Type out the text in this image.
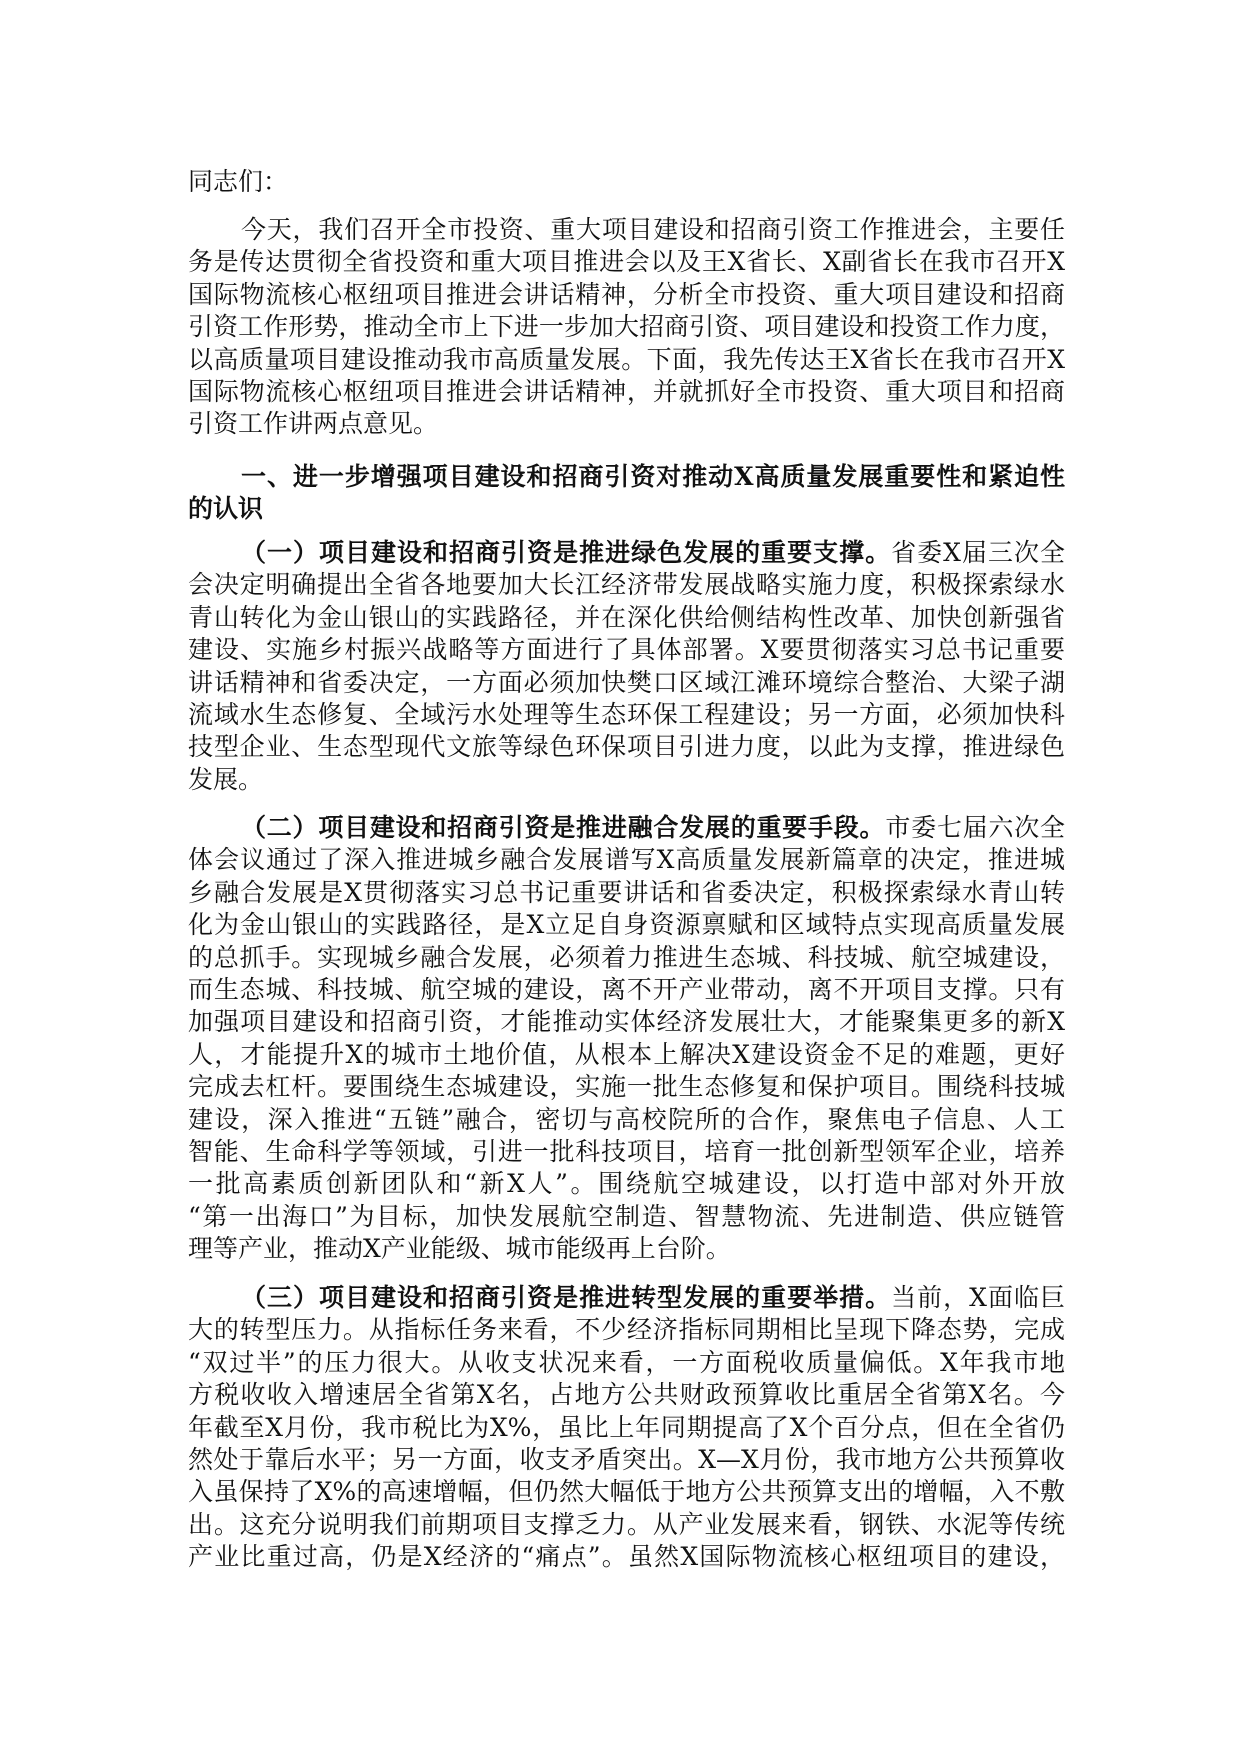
同志们：
今天，我们召开全市投资、重大项目建设和招商引资工作推进会，主要任
务是传达贯彻全省投资和重大项目推进会以及王X省长、X副省长在我市召开X
国际物流核心枢纽项目推进会讲话精神，分析全市投资、重大项目建设和招商
引资工作形势，推动全市上下进一步加大招商引资、项目建设和投资工作力度，
以高质量项目建设推动我市高质量发展。下面，我先传达王X省长在我市召开X
国际物流核心枢纽项目推进会讲话精神，并就抓好全市投资、重大项目和招商
引资工作讲两点意见。
一、进一步增强项目建设和招商引资对推动X高质量发展重要性和紧迫性
的认识
（一）项目建设和招商引资是推进绿色发展的重要支撑。省委X届三次全
会决定明确提出全省各地要加大长江经济带发展战略实施力度，积极探索绿水
青山转化为金山银山的实践路径，并在深化供给侧结构性改革、加快创新强省
建设、实施乡村振兴战略等方面进行了具体部署。X要贯彻落实习总书记重要
讲话精神和省委决定，一方面必须加快樊口区域江滩环境综合整治、大梁子湖
流域水生态修复、全域污水处理等生态环保工程建设；另一方面，必须加快科
技型企业、生态型现代文旅等绿色环保项目引进力度，以此为支撑，推进绿色
发展。
（二）项目建设和招商引资是推进融合发展的重要手段。市委七届六次全
体会议通过了深入推进城乡融合发展谱写X高质量发展新篇章的决定，推进城
乡融合发展是X贯彻落实习总书记重要讲话和省委决定，积极探索绿水青山转
化为金山银山的实践路径，是X立足自身资源禀赋和区域特点实现高质量发展
的总抓手。实现城乡融合发展，必须着力推进生态城、科技城、航空城建设，
而生态城、科技城、航空城的建设，离不开产业带动，离不开项目支撑。只有
加强项目建设和招商引资，才能推动实体经济发展壮大，才能聚集更多的新X
人，才能提升X的城市土地价值，从根本上解决X建设资金不足的难题，更好
完成去杠杆。要围绕生态城建设，实施一批生态修复和保护项目。围绕科技城
建设，深入推进“五链”融合，密切与高校院所的合作，聚焦电子信息、人工
智能、生命科学等领域，引进一批科技项目，培育一批创新型领军企业，培养
一批高素质创新团队和“新X人”。围绕航空城建设，以打造中部对外开放
“第一出海口”为目标，加快发展航空制造、智慧物流、先进制造、供应链管
理等产业，推动X产业能级、城市能级再上台阶。
（三）项目建设和招商引资是推进转型发展的重要举措。当前，X面临巨
大的转型压力。从指标任务来看，不少经济指标同期相比呈现下降态势，完成
“双过半”的压力很大。从收支状况来看，一方面税收质量偏低。X年我市地
方税收收入增速居全省第X名，占地方公共财政预算收比重居全省第X名。今
年截至X月份，我市税比为X%，虽比上年同期提高了X个百分点，但在全省仍
然处于靠后水平；另一方面，收支矛盾突出。X—X月份，我市地方公共预算收
入虽保持了X%的高速增幅，但仍然大幅低于地方公共预算支出的增幅，入不敷
出。这充分说明我们前期项目支撑乏力。从产业发展来看，钢铁、水泥等传统
产业比重过高，仍是X经济的“痛点”。虽然X国际物流核心枢纽项目的建设，
